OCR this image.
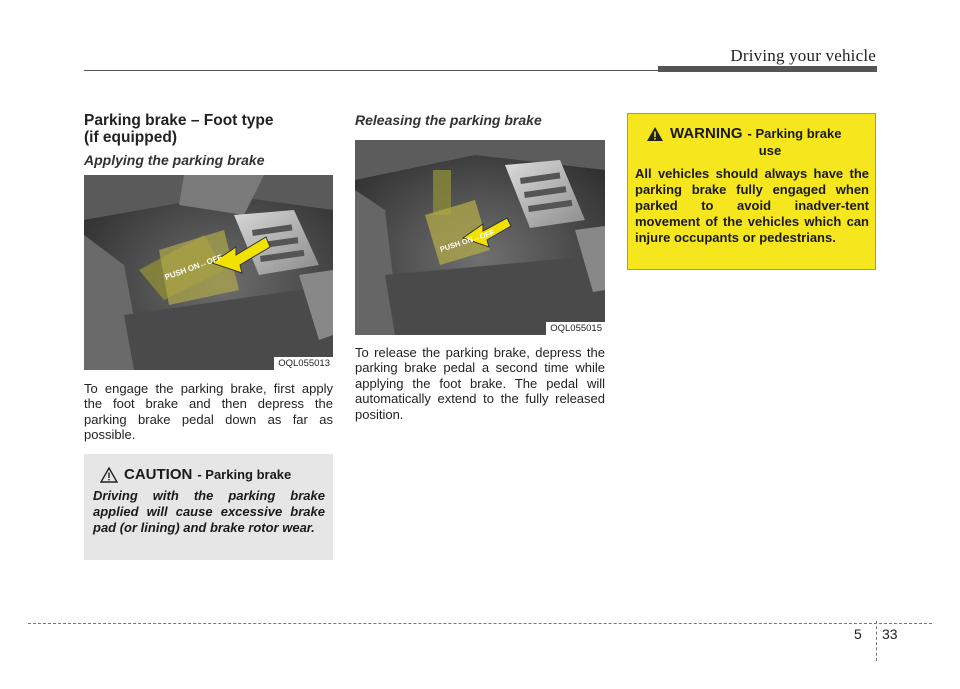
Driving your vehicle
Parking brake – Foot type
(if equipped)
Applying the parking brake
PUSH ON↔OFF
OQL055013
To engage the parking brake, first apply the foot brake and then depress the parking brake pedal down as far as possible.
CAUTION - Parking brake
Driving with the parking brake applied will cause excessive brake pad (or lining) and brake rotor wear.
Releasing the parking brake
PUSH ON↔OFF
OQL055015
To release the parking brake, depress the parking brake pedal a second time while applying the foot brake. The pedal will automatically extend to the fully released position.
WARNING - Parking brake
use
All vehicles should always have the parking brake fully engaged when parked to avoid inadver-tent movement of the vehicles which can injure occupants or pedestrians.
5 33
